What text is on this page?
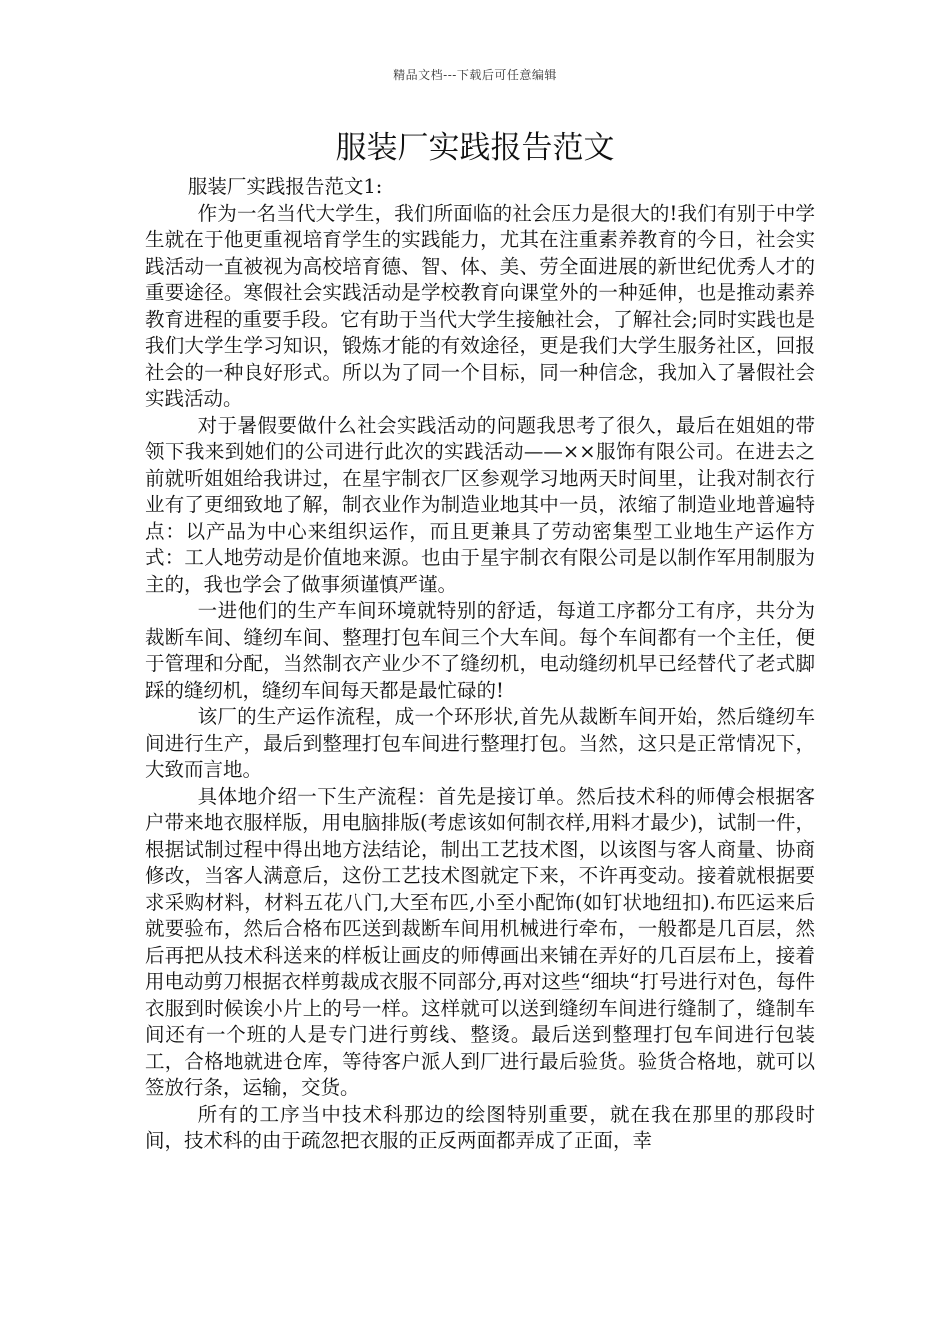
精品文档---下载后可任意编辑
服装厂实践报告范文

服装厂实践报告范文1:

作为一名当代大学生，我们所面临的社会压力是很大的!我们有别于中学生就在于他更重视培育学生的实践能力，尤其在注重素养教育的今日，社会实践活动一直被视为高校培育德、智、体、美、劳全面进展的新世纪优秀人才的重要途径。寒假社会实践活动是学校教育向课堂外的一种延伸，也是推动素养教育进程的重要手段。它有助于当代大学生接触社会，了解社会;同时实践也是我们大学生学习知识，锻炼才能的有效途径，更是我们大学生服务社区，回报社会的一种良好形式。所以为了同一个目标，同一种信念，我加入了暑假社会实践活动。

对于暑假要做什么社会实践活动的问题我思考了很久，最后在姐姐的带领下我来到她们的公司进行此次的实践活动——××服饰有限公司。在进去之前就听姐姐给我讲过，在星宇制衣厂区参观学习地两天时间里，让我对制衣行业有了更细致地了解，制衣业作为制造业地其中一员，浓缩了制造业地普遍特点：以产品为中心来组织运作，而且更兼具了劳动密集型工业地生产运作方式：工人地劳动是价值地来源。也由于星宇制衣有限公司是以制作军用制服为主的，我也学会了做事须谨慎严谨。

一进他们的生产车间环境就特别的舒适，每道工序都分工有序，共分为裁断车间、缝纫车间、整理打包车间三个大车间。每个车间都有一个主任，便于管理和分配，当然制衣产业少不了缝纫机，电动缝纫机早已经替代了老式脚踩的缝纫机，缝纫车间每天都是最忙碌的!

该厂的生产运作流程，成一个环形状,首先从裁断车间开始，然后缝纫车间进行生产，最后到整理打包车间进行整理打包。当然，这只是正常情况下，大致而言地。

具体地介绍一下生产流程：首先是接订单。然后技术科的师傅会根据客户带来地衣服样版，用电脑排版(考虑该如何制衣样,用料才最少)，试制一件，根据试制过程中得出地方法结论，制出工艺技术图，以该图与客人商量、协商修改，当客人满意后，这份工艺技术图就定下来，不许再变动。接着就根据要求采购材料，材料五花八门,大至布匹,小至小配饰(如钉状地纽扣).布匹运来后就要验布，然后合格布匹送到裁断车间用机械进行牵布，一般都是几百层，然后再把从技术科送来的样板让画皮的师傅画出来铺在弄好的几百层布上，接着用电动剪刀根据衣样剪裁成衣服不同部分,再对这些“细块“打号进行对色，每件衣服到时候诶小片上的号一样。这样就可以送到缝纫车间进行缝制了，缝制车间还有一个班的人是专门进行剪线、整烫。最后送到整理打包车间进行包装工，合格地就进仓库，等待客户派人到厂进行最后验货。验货合格地，就可以签放行条，运输，交货。

所有的工序当中技术科那边的绘图特别重要，就在我在那里的那段时间，技术科的由于疏忽把衣服的正反两面都弄成了正面，幸
